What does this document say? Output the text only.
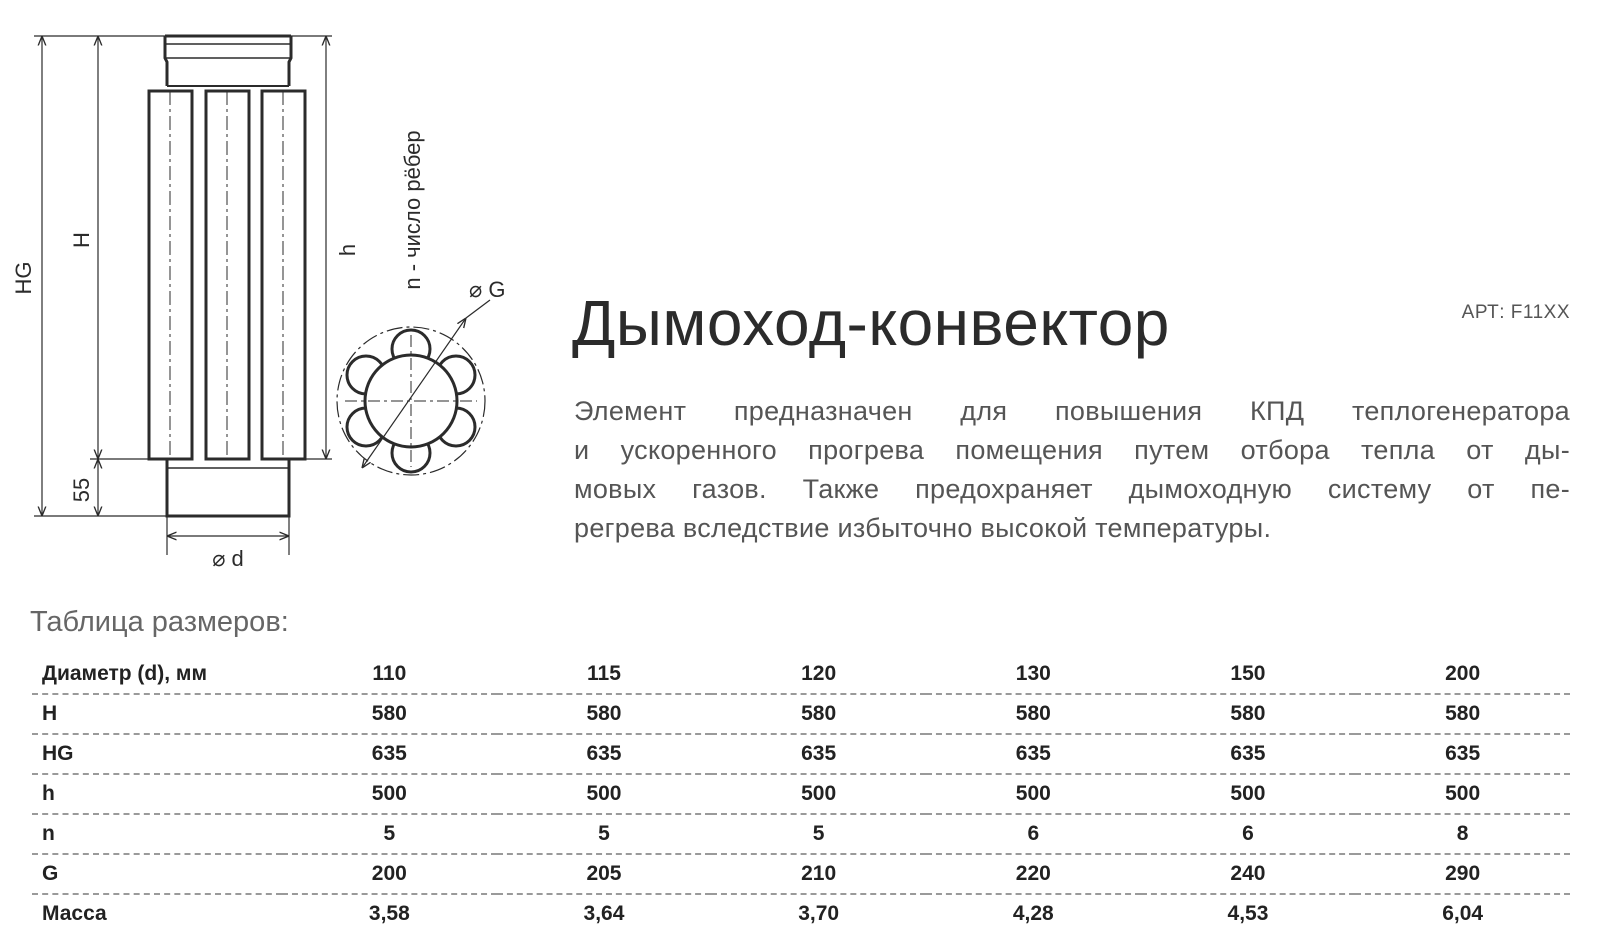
HG
H
55
h n - число рёбер
⌀ d
⌀ G Дымоход-конвектор	АРТ: F11XX
Элемент предназначен для повышения КПД теплогенератора
и ускоренного прогрева помещения путем отбора тепла от ды-
мовых газов. Также предохраняет дымоходную систему от пе-
регрева вследствие избыточно высокой температуры.
Таблица размеров:
Диаметр (d), мм	110	115	120	130	150	200
H	580	580	580	580	580	580
HG	635	635	635	635	635	635
h	500	500	500	500	500	500
n	5	5	5	6	6	8
G	200	205	210	220	240	290
Масса	3,58	3,64	3,70	4,28	4,53	6,04
